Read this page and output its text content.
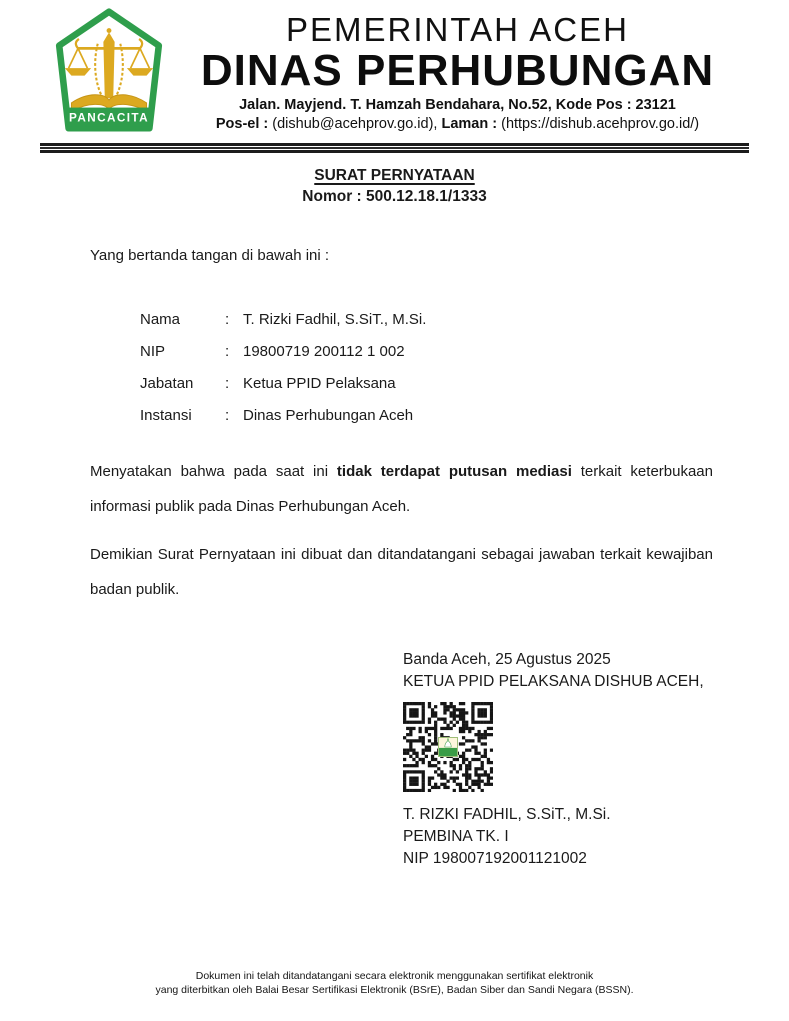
PANCACITA
PEMERINTAH ACEH
DINAS PERHUBUNGAN
Jalan. Mayjend. T. Hamzah Bendahara, No.52, Kode Pos : 23121
Pos-el : (dishub@acehprov.go.id), Laman : (https://dishub.acehprov.go.id/)
SURAT PERNYATAAN
Nomor : 500.12.18.1/1333

Yang bertanda tangan di bawah ini :

Nama	: T. Rizki Fadhil, S.SiT., M.Si.
NIP	: 19800719 200112 1 002
Jabatan	: Ketua PPID Pelaksana
Instansi	: Dinas Perhubungan Aceh

Menyatakan bahwa pada saat ini tidak terdapat putusan mediasi terkait keterbukaan informasi publik pada Dinas Perhubungan Aceh.

Demikian Surat Pernyataan ini dibuat dan ditandatangani sebagai jawaban terkait kewajiban badan publik.

Banda Aceh, 25 Agustus 2025
KETUA PPID PELAKSANA DISHUB ACEH,
T. RIZKI FADHIL, S.SiT., M.Si.
PEMBINA TK. I
NIP 198007192001121002
Dokumen ini telah ditandatangani secara elektronik menggunakan sertifikat elektronik
yang diterbitkan oleh Balai Besar Sertifikasi Elektronik (BSrE), Badan Siber dan Sandi Negara (BSSN).
